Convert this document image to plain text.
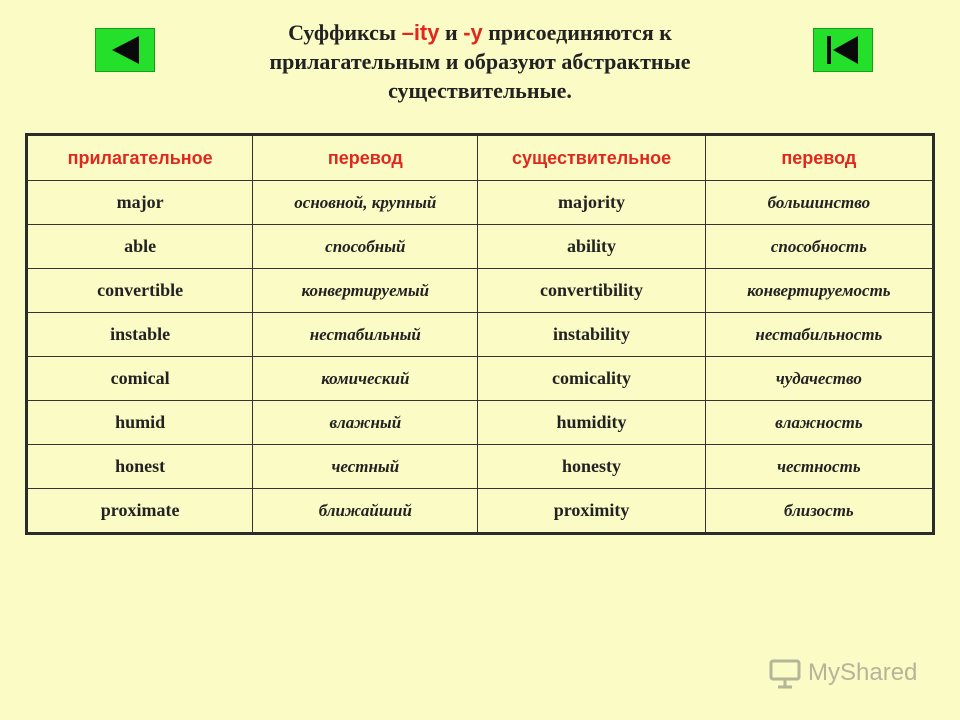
Суффиксы –ity и -y присоединяются к прилагательным и образуют абстрактные существительные.
прилагательное	перевод	существительное	перевод
major	основной, крупный	majority	большинство
able	способный	ability	способность
convertible	конвертируемый	convertibility	конвертируемость
instable	нестабильный	instability	нестабильность
comical	комический	comicality	чудачество
humid	влажный	humidity	влажность
honest	честный	honesty	честность
proximate	ближайший	proximity	близость
MyShared
